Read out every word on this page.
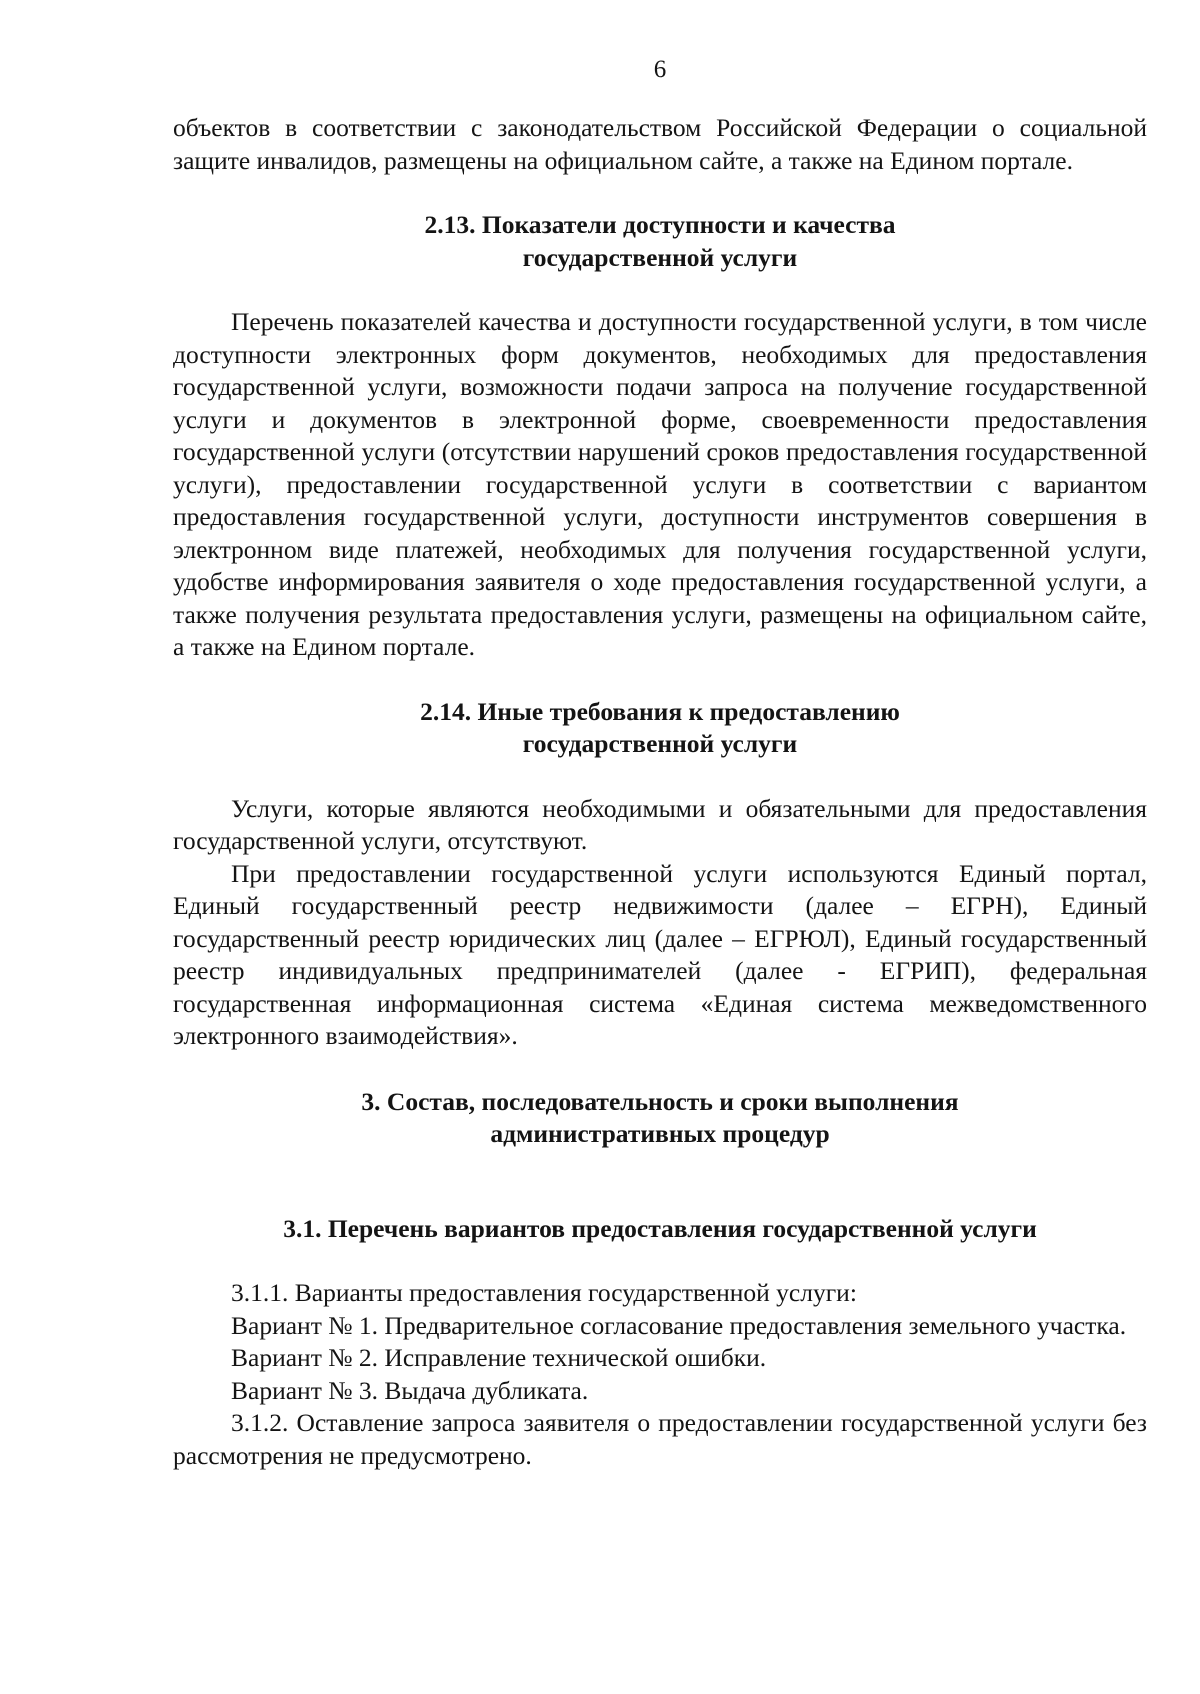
6

объектов в соответствии с законодательством Российской Федерации о социальной защите инвалидов, размещены на официальном сайте, а также на Едином портале.

2.13. Показатели доступности и качества
государственной услуги

Перечень показателей качества и доступности государственной услуги, в том числе доступности электронных форм документов, необходимых для предоставления государственной услуги, возможности подачи запроса на получение государственной услуги и документов в электронной форме, своевременности предоставления государственной услуги (отсутствии нарушений сроков предоставления государственной услуги), предоставлении государственной услуги в соответствии с вариантом предоставления государственной услуги, доступности инструментов совершения в электронном виде платежей, необходимых для получения государственной услуги, удобстве информирования заявителя о ходе предоставления государственной услуги, а также получения результата предоставления услуги, размещены на официальном сайте, а также на Едином портале.

2.14. Иные требования к предоставлению
государственной услуги

Услуги, которые являются необходимыми и обязательными для предоставления государственной услуги, отсутствуют.

При предоставлении государственной услуги используются Единый портал, Единый государственный реестр недвижимости (далее – ЕГРН), Единый государственный реестр юридических лиц (далее – ЕГРЮЛ), Единый государственный реестр индивидуальных предпринимателей (далее - ЕГРИП), федеральная государственная информационная система «Единая система межведомственного электронного взаимодействия».

3. Состав, последовательность и сроки выполнения
административных процедур
3.1. Перечень вариантов предоставления государственной услуги

3.1.1. Варианты предоставления государственной услуги:

Вариант № 1. Предварительное согласование предоставления земельного участка.

Вариант № 2. Исправление технической ошибки.

Вариант № 3. Выдача дубликата.

3.1.2. Оставление запроса заявителя о предоставлении государственной услуги без рассмотрения не предусмотрено.
